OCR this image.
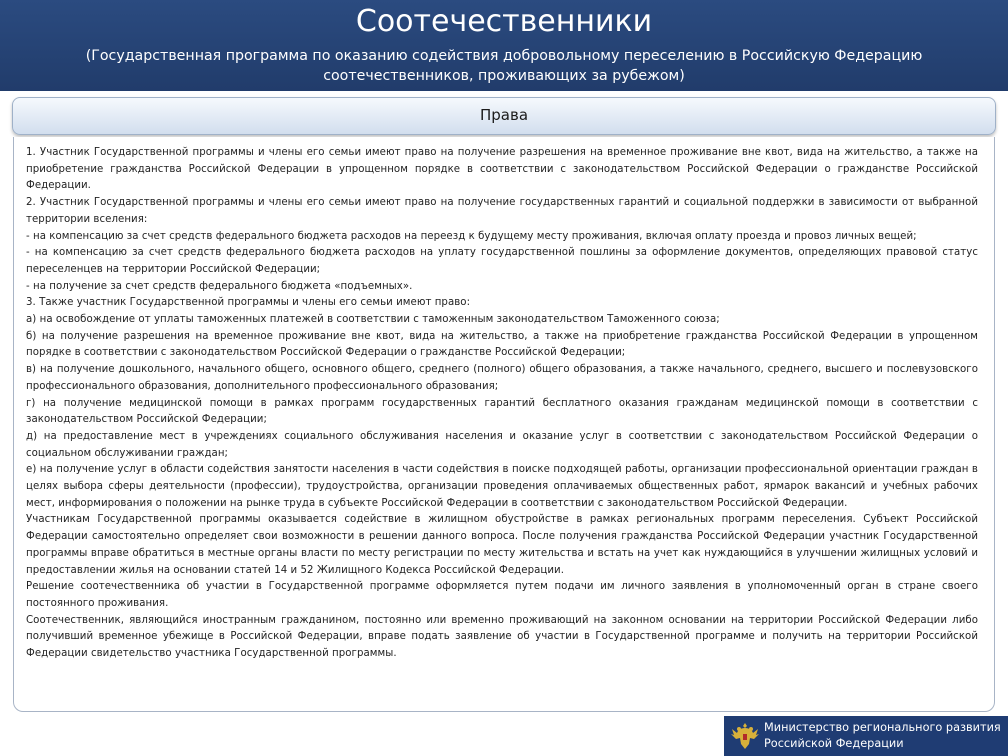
Соотечественники
(Государственная программа по оказанию содействия добровольному переселению в Российскую Федерацию соотечественников, проживающих за рубежом)
Права
1. Участник Государственной программы и члены его семьи имеют право на получение разрешения на временное проживание вне квот, вида на жительство, а также на приобретение гражданства Российской Федерации в упрощенном порядке в соответствии с законодательством Российской Федерации о гражданстве Российской Федерации.
2. Участник Государственной программы и члены его семьи имеют право на получение государственных гарантий и социальной поддержки в зависимости от выбранной территории вселения:
- на компенсацию за счет средств федерального бюджета расходов на переезд к будущему месту проживания, включая оплату проезда и провоз личных вещей;
- на компенсацию за счет средств федерального бюджета расходов на уплату государственной пошлины за оформление документов, определяющих правовой статус переселенцев на территории Российской Федерации;
- на получение за счет средств федерального бюджета «подъемных».
3. Также участник Государственной программы и члены его семьи имеют право:
а) на освобождение от уплаты таможенных платежей в соответствии с таможенным законодательством Таможенного союза;
б) на получение разрешения на временное проживание вне квот, вида на жительство, а также на приобретение гражданства Российской Федерации в упрощенном порядке в соответствии с законодательством Российской Федерации о гражданстве Российской Федерации;
в) на получение дошкольного, начального общего, основного общего, среднего (полного) общего образования, а также начального, среднего, высшего и послевузовского профессионального образования, дополнительного профессионального образования;
г) на получение медицинской помощи в рамках программ государственных гарантий бесплатного оказания гражданам медицинской помощи в соответствии с законодательством Российской Федерации;
д) на предоставление мест в учреждениях социального обслуживания населения и оказание услуг в соответствии с законодательством Российской Федерации о социальном обслуживании граждан;
е) на получение услуг в области содействия занятости населения в части содействия в поиске подходящей работы, организации профессиональной ориентации граждан в целях выбора сферы деятельности (профессии), трудоустройства, организации проведения оплачиваемых общественных работ, ярмарок вакансий и учебных рабочих мест, информирования о положении на рынке труда в субъекте Российской Федерации в соответствии с законодательством Российской Федерации.
Участникам Государственной программы оказывается содействие в жилищном обустройстве в рамках региональных программ переселения. Субъект Российской Федерации самостоятельно определяет свои возможности в решении данного вопроса. После получения гражданства Российской Федерации участник Государственной программы вправе обратиться в местные органы власти по месту регистрации по месту жительства и встать на учет как нуждающийся в улучшении жилищных условий и предоставлении жилья на основании статей 14 и 52 Жилищного Кодекса Российской Федерации.
Решение соотечественника об участии в Государственной программе оформляется путем подачи им личного заявления в уполномоченный орган в стране своего постоянного проживания.
Соотечественник, являющийся иностранным гражданином, постоянно или временно проживающий на законном основании на территории Российской Федерации либо получивший временное убежище в Российской Федерации, вправе подать заявление об участии в Государственной программе и получить на территории Российской Федерации свидетельство участника Государственной программы.
Министерство регионального развития
Российской Федерации
